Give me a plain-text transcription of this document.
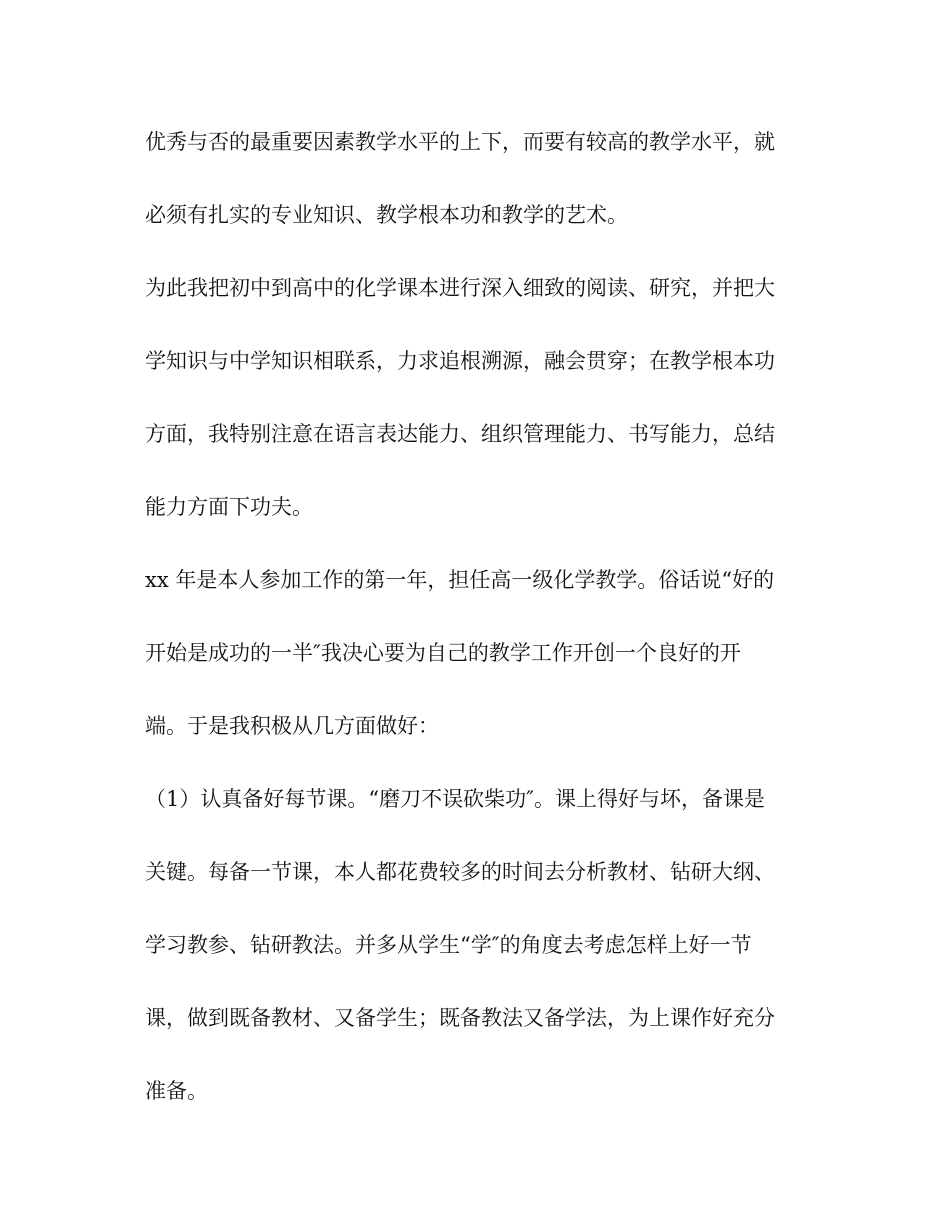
优秀与否的最重要因素教学水平的上下，而要有较高的教学水平，就
必须有扎实的专业知识、教学根本功和教学的艺术。
为此我把初中到高中的化学课本进行深入细致的阅读、研究，并把大
学知识与中学知识相联系，力求追根溯源，融会贯穿；在教学根本功
方面，我特别注意在语言表达能力、组织管理能力、书写能力，总结
能力方面下功夫。
xx 年是本人参加工作的第一年，担任高一级化学教学。俗话说“好的
开始是成功的一半″我决心要为自己的教学工作开创一个良好的开
端。于是我积极从几方面做好：
（1）认真备好每节课。“磨刀不误砍柴功″。课上得好与坏，备课是
关键。每备一节课，本人都花费较多的时间去分析教材、钻研大纲、
学习教参、钻研教法。并多从学生“学″的角度去考虑怎样上好一节
课，做到既备教材、又备学生；既备教法又备学法，为上课作好充分
准备。
